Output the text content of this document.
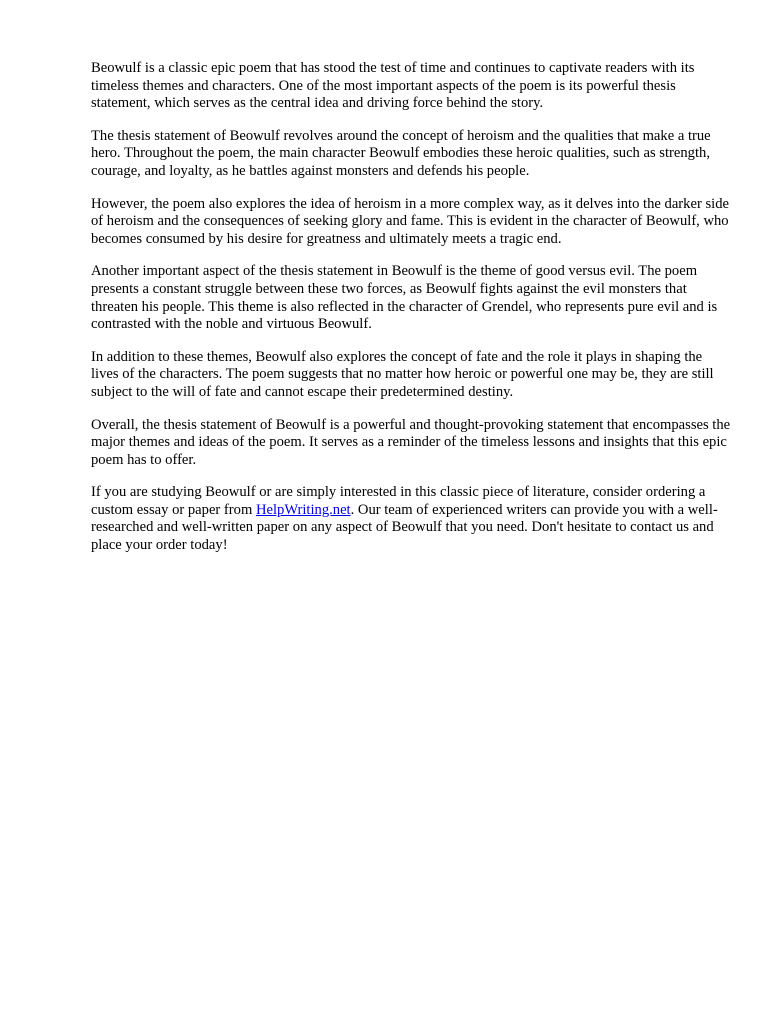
Beowulf is a classic epic poem that has stood the test of time and continues to captivate readers with its timeless themes and characters. One of the most important aspects of the poem is its powerful thesis statement, which serves as the central idea and driving force behind the story.

The thesis statement of Beowulf revolves around the concept of heroism and the qualities that make a true hero. Throughout the poem, the main character Beowulf embodies these heroic qualities, such as strength, courage, and loyalty, as he battles against monsters and defends his people.

However, the poem also explores the idea of heroism in a more complex way, as it delves into the darker side of heroism and the consequences of seeking glory and fame. This is evident in the character of Beowulf, who becomes consumed by his desire for greatness and ultimately meets a tragic end.

Another important aspect of the thesis statement in Beowulf is the theme of good versus evil. The poem presents a constant struggle between these two forces, as Beowulf fights against the evil monsters that threaten his people. This theme is also reflected in the character of Grendel, who represents pure evil and is contrasted with the noble and virtuous Beowulf.

In addition to these themes, Beowulf also explores the concept of fate and the role it plays in shaping the lives of the characters. The poem suggests that no matter how heroic or powerful one may be, they are still subject to the will of fate and cannot escape their predetermined destiny.

Overall, the thesis statement of Beowulf is a powerful and thought-provoking statement that encompasses the major themes and ideas of the poem. It serves as a reminder of the timeless lessons and insights that this epic poem has to offer.

If you are studying Beowulf or are simply interested in this classic piece of literature, consider ordering a custom essay or paper from HelpWriting.net. Our team of experienced writers can provide you with a well-researched and well-written paper on any aspect of Beowulf that you need. Don't hesitate to contact us and place your order today!
